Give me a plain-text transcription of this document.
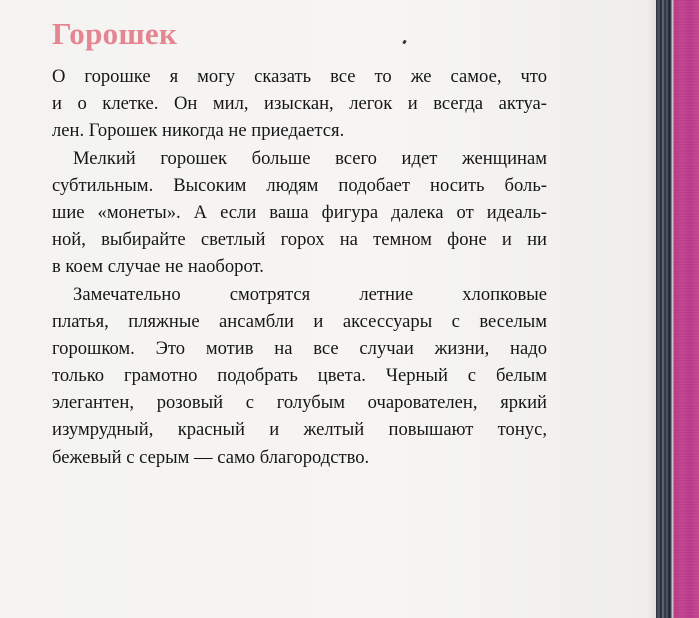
Горошек
О горошке я могу сказать все то же самое, что
и о клетке. Он мил, изыскан, легок и всегда актуа-
лен. Горошек никогда не приедается.
Мелкий горошек больше всего идет женщинам
субтильным. Высоким людям подобает носить боль-
шие «монеты». А если ваша фигура далека от идеаль-
ной, выбирайте светлый горох на темном фоне и ни
в коем случае не наоборот.
Замечательно смотрятся летние хлопковые
платья, пляжные ансамбли и аксессуары с веселым
горошком. Это мотив на все случаи жизни, надо
только грамотно подобрать цвета. Черный с белым
элегантен, розовый с голубым очарователен, яркий
изумрудный, красный и желтый повышают тонус,
бежевый с серым — само благородство.
